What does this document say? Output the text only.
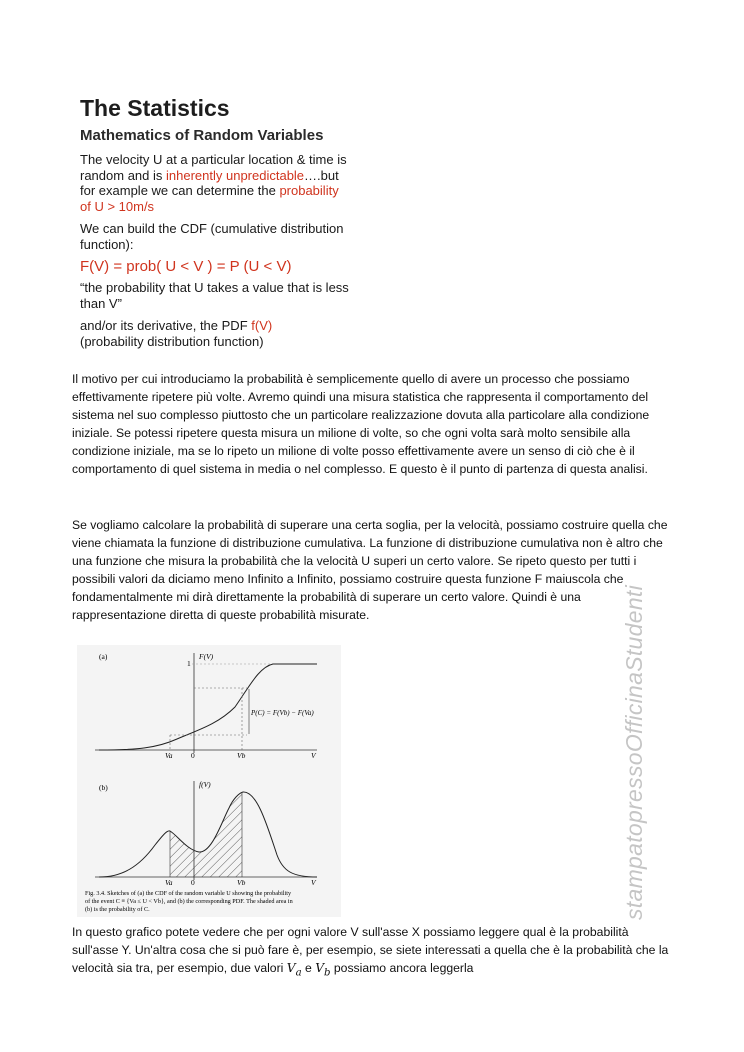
The Statistics
Mathematics of Random Variables
The velocity U at a particular location & time is random and is inherently unpredictable….but for example we can determine the probability of U > 10m/s
We can build the CDF (cumulative distribution function):
F(V) = prob( U < V ) = P (U < V)
“the probability that U takes a value that is less than V”
and/or its derivative, the PDF f(V)
(probability distribution function)
Il motivo per cui introduciamo la probabilità è semplicemente quello di avere un processo che possiamo effettivamente ripetere più volte. Avremo quindi una misura statistica che rappresenta il comportamento del sistema nel suo complesso piuttosto che un particolare realizzazione dovuta alla particolare alla condizione iniziale. Se potessi ripetere questa misura un milione di volte, so che ogni volta sarà molto sensibile alla condizione iniziale, ma se lo ripeto un milione di volte posso effettivamente avere un senso di ciò che è il comportamento di quel sistema in media o nel complesso. E questo è il punto di partenza di questa analisi.
Se vogliamo calcolare la probabilità di superare una certa soglia, per la velocità, possiamo costruire quella che viene chiamata la funzione di distribuzione cumulativa. La funzione di distribuzione cumulativa non è altro che una funzione che misura la probabilità che la velocità U superi un certo valore. Se ripeto questo per tutti i possibili valori da diciamo meno Infinito a Infinito, possiamo costruire questa funzione F maiuscola che fondamentalmente mi dirà direttamente la probabilità di superare un certo valore. Quindi è una rappresentazione diretta di queste probabilità misurate.
(a)	F(V)
1
P(C) = F(Vb) − F(Va)
Va 0	Vb	V
(b)	f(V)
Va 0	Vb	V
Fig. 3.4. Sketches of (a) the CDF of the random variable U showing the probability
of the event C ≡ {Va ≤ U < Vb}, and (b) the corresponding PDF. The shaded area in
(b) is the probability of C.
In questo grafico potete vedere che per ogni valore V sull'asse X possiamo leggere qual è la probabilità sull'asse Y. Un'altra cosa che si può fare è, per esempio, se siete interessati a quella che è la probabilità che la velocità sia tra, per esempio, due valori $V_a$ e $V_b$ possiamo ancora leggerla
stampatopressoOfficinaStudenti
